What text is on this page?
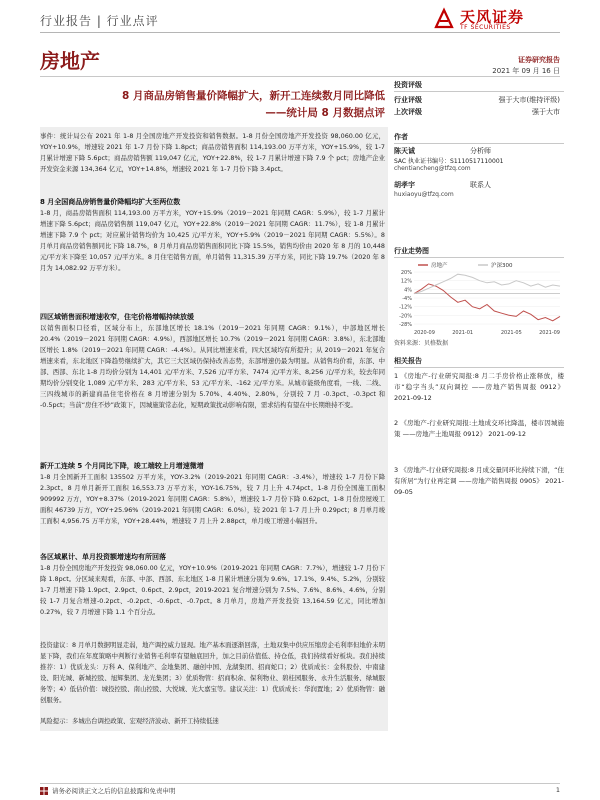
行业报告 | 行业点评	天风证券
TF SECURITIES
房地产	证券研究报告
2021 年 09 月 16 日
8 月商品房销售量价降幅扩大，新开工连续数月同比降低
——统计局 8 月数据点评
事件：统计局公布 2021 年 1-8 月全国房地产开发投资和销售数据。1-8 月份全国房地产开发投资 98,060.00 亿元，YOY+10.9%，增速较 2021 年 1-7 月份下降 1.8pct；商品房销售面积 114,193.00 万平方米，YOY+15.9%，较 1-7 月累计增速下降 5.6pct；商品房销售额 119,047 亿元，YOY+22.8%，较 1-7 月累计增速下降 7.9 个 pct；房地产企业开发资金来源 134,364 亿元，YOY+14.8%，增速较 2021 年 1-7 月份下降 3.4pct。
8 月全国商品房销售量价降幅均扩大至两位数
1-8 月，商品房销售面积 114,193.00 万平方米，YOY+15.9%（2019－2021 年同期 CAGR：5.9%），较 1-7 月累计增速下降 5.6pct；商品房销售额 119,047 亿元，YOY+22.8%（2019－2021 年同期 CAGR：11.7%），较 1-8 月累计增速下降 7.9 个 pct；对应累计销售均价为 10,425 元/平方米，YOY+5.9%（2019－2021 年同期 CAGR：5.5%）。8 月单月商品房销售额同比下降 18.7%，8 月单月商品房销售面积同比下降 15.5%，销售均价由 2020 年 8 月的 10,448 元/平方米下降至 10,057 元/平方米。8 月住宅销售方面，单月销售 11,315.39 万平方米，同比下降 19.7%（2020 年 8 月为 14,082.92 万平方米）。
四区域销售面积增速收窄，住宅价格增幅持续放缓
以销售面积口径看，区域分布上，东部地区增长 18.1%（2019－2021 年同期 CAGR：9.1%），中部地区增长 20.4%（2019－2021 年同期 CAGR：4.9%），西部地区增长 10.7%（2019－2021 年同期 CAGR：3.8%），东北部地区增长 1.8%（2019－2021 年同期 CAGR：-4.4%）。从同比增速来看，四大区域均有所提升；从 2019－2021 年复合增速来看，东北地区下降趋势继续扩大，其它三大区域仍保持改善态势，东部增速仍最为明显。从销售均价看，东部、中部、西部、东北 1-8 月均价分别为 14,401 元/平方米、7,526 元/平方米、7474 元/平方米、8,256 元/平方米，较去年同期均价分别变化 1,089 元/平方米、283 元/平方米、53 元/平方米、-162 元/平方米。从城市能级角度看，一线、二线、三四线城市的新建商品住宅价格在 8 月增速分别为 5.70%、4.40%、2.80%，分别较 7 月 -0.3pct、-0.3pct 和 -0.5pct；当前“房住不炒”政策下，因城施策常态化，短期政策扰动影响有限，需求结构有望在中长期维持不变。
新开工连续 5 个月同比下降，竣工端较上月增速微增
1-8 月全国新开工面积 135502 万平方米，YOY-3.2%（2019-2021 年同期 CAGR：-3.4%），增速较 1-7 月份下降 2.3pct。8 月单月新开工面积 16,553.73 万平方米，YOY-16.75%，较 7 月上升 4.74pct。1-8 月份全国施工面积 909992 万方，YOY+8.37%（2019-2021 年同期 CAGR：5.8%），增速较 1-7 月份下降 0.62pct。1-8 月份房屋竣工面积 46739 万方，YOY+25.96%（2019-2021 年同期 CAGR：6.0%），较 2021 年 1-7 月上升 0.29pct；8 月单月竣工面积 4,956.75 万平方米，YOY+28.44%，增速较 7 月上升 2.88pct，单月竣工增速小幅回升。
各区域累计、单月投资额增速均有所回落
1-8 月份全国房地产开发投资 98,060.00 亿元，YOY+10.9%（2019-2021 年同期 CAGR：7.7%），增速较 1-7 月份下降 1.8pct。分区域来观看，东部、中部、西部、东北地区 1-8 月累计增速分别为 9.6%、17.1%、9.4%、5.2%，分别较 1-7 月增速下降 1.9pct、2.9pct、0.6pct、2.9pct，2019-2021 复合增速分别为 7.5%、7.6%、8.6%、4.6%，分别较 1-7 月复合增速-0.2pct、-0.2pct、-0.6pct、-0.7pct。8 月单月，房地产开发投资 13,164.59 亿元，同比增加 0.27%，较 7 月增速下降 1.1 个百分点。
投资建议：8 月单月数据明显走弱，地产调控威力显现。地产基本面逐渐回落，土地双集中供应压缩房企毛利率但地价未明显下降，我们在年度策略中判断行业销售毛利率有望触底回升，加之目前估值低、持仓低，我们持续看好板块。我们持续推荐：1）优质龙头：万科 A、保利地产、金地集团、融创中国、龙湖集团、招商蛇口；2）优质成长：金科股份、中南建设、阳光城、新城控股、旭辉集团、龙光集团；3）优质物管：招商积余、保利物业、碧桂园服务、永升生活服务、绿城服务等；4）低估价值：城投控股、南山控股、大悦城、光大嘉宝等。建议关注：1）优质成长：华润置地；2）优质物管：融创服务。
风险提示：多城出台调控政策、宏观经济波动、新开工持续低迷
投资评级
行业评级	强于大市(维持评级)
上次评级	强于大市
作者
陈天诚	分析师
SAC 执业证书编号：S1110517110001
chentiancheng@tfzq.com
胡孝宇	联系人
huxiaoyu@tfzq.com
行业走势图
20%
12%
4%
-4%
-12%
-20%
-28%
2020-09	2021-01	2021-05	2021-09
房地产	沪深300
资料来源：贝格数据
相关报告
1 《房地产-行业研究周报:8 月二手房价格止涨释放，楼市“稳字当头”双向调控 ——房地产销售周报 0912》 2021-09-12
2 《房地产-行业研究周报:土地成交环比降温，楼市因城施策 ——房地产土地周报 0912》 2021-09-12
3 《房地产-行业研究周报:8 月成交量同环比持续下滑，“住有所居”为行业再定调 ——房地产销售周报 0905》 2021-09-05
请务必阅读正文之后的信息披露和免责申明	1
